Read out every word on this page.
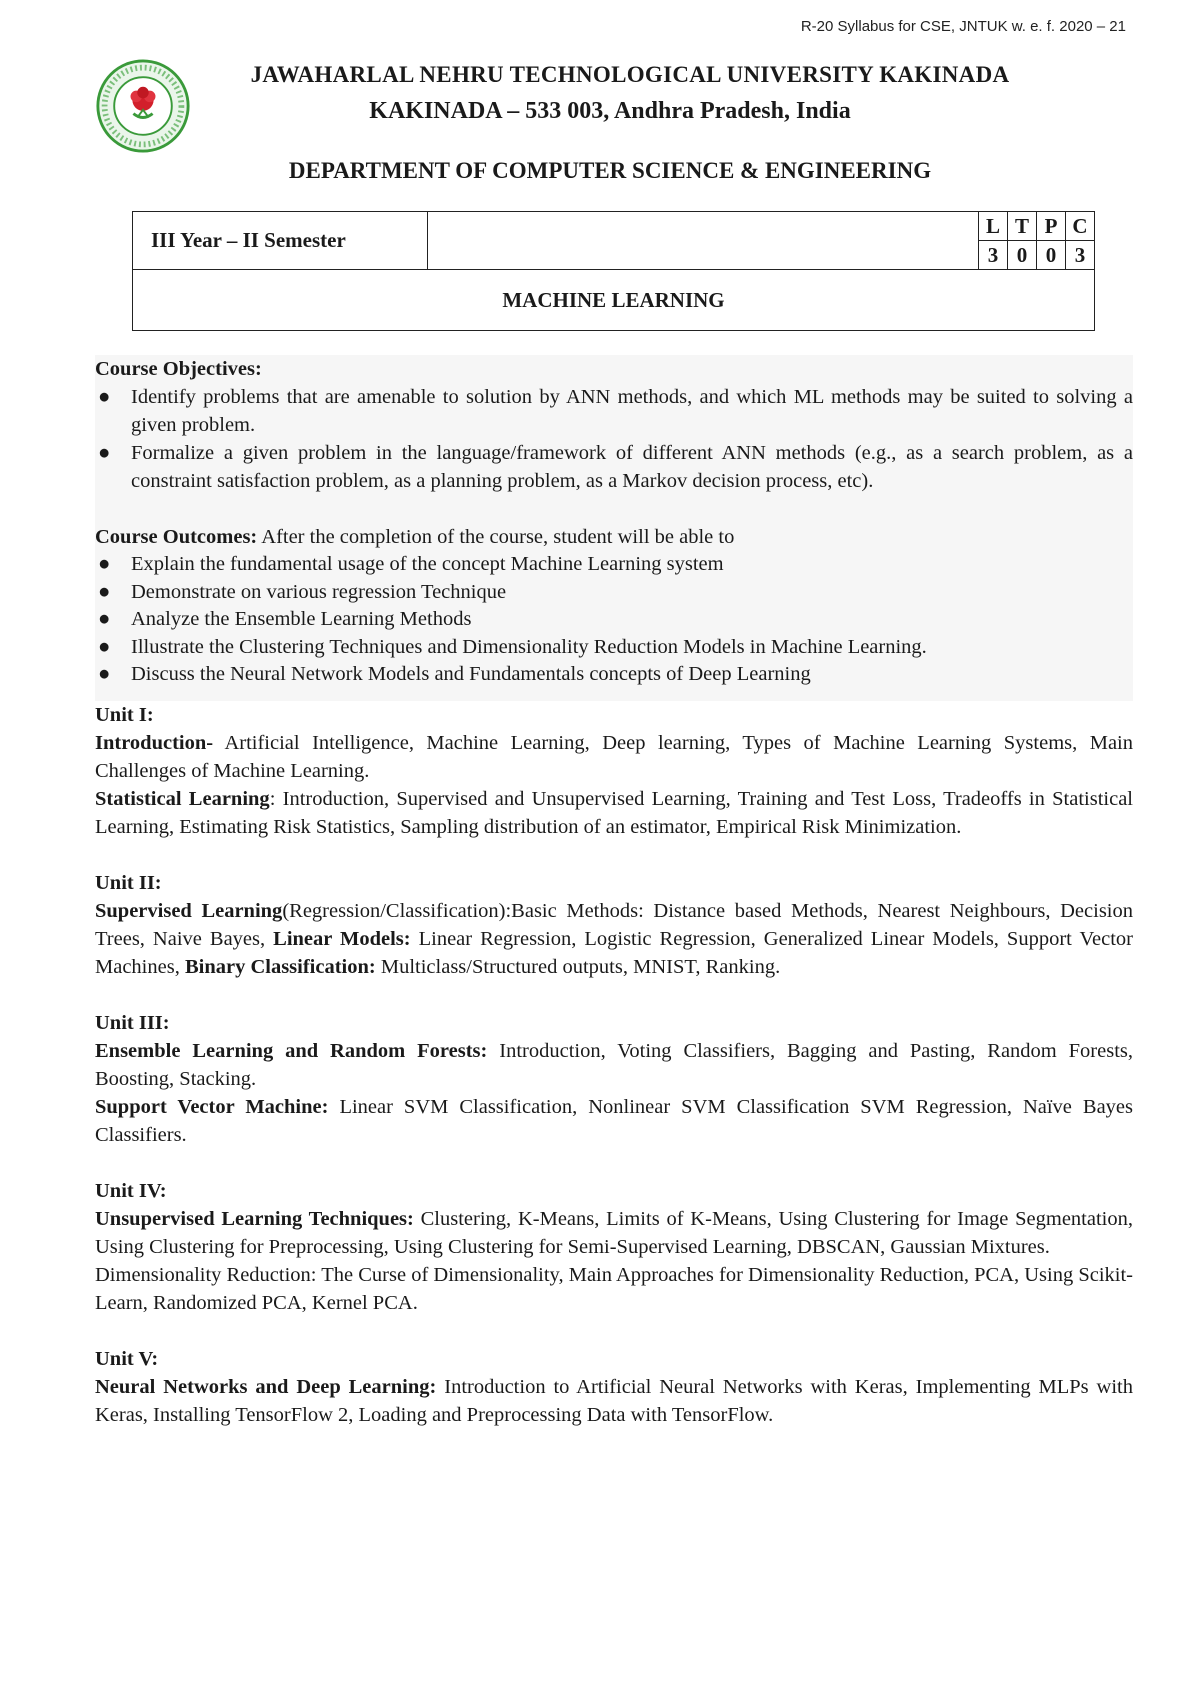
R-20 Syllabus for CSE, JNTUK w. e. f. 2020 – 21
JAWAHARLAL NEHRU TECHNOLOGICAL UNIVERSITY KAKINADA
KAKINADA – 533 003, Andhra Pradesh, India
DEPARTMENT OF COMPUTER SCIENCE & ENGINEERING
III Year – II Semester		L	T	P	C
		3	0	0	3
MACHINE LEARNING					
Course Objectives:
● Identify problems that are amenable to solution by ANN methods, and which ML methods may be suited to solving a given problem.
● Formalize a given problem in the language/framework of different ANN methods (e.g., as a search problem, as a constraint satisfaction problem, as a planning problem, as a Markov decision process, etc).
Course Outcomes: After the completion of the course, student will be able to
● Explain the fundamental usage of the concept Machine Learning system
● Demonstrate on various regression Technique
● Analyze the Ensemble Learning Methods
● Illustrate the Clustering Techniques and Dimensionality Reduction Models in Machine Learning.
● Discuss the Neural Network Models and Fundamentals concepts of Deep Learning
Unit I:

Introduction- Artificial Intelligence, Machine Learning, Deep learning, Types of Machine Learning Systems, Main Challenges of Machine Learning.

Statistical Learning: Introduction, Supervised and Unsupervised Learning, Training and Test Loss, Tradeoffs in Statistical Learning, Estimating Risk Statistics, Sampling distribution of an estimator, Empirical Risk Minimization.

Unit II:

Supervised Learning(Regression/Classification):Basic Methods: Distance based Methods, Nearest Neighbours, Decision Trees, Naive Bayes, Linear Models: Linear Regression, Logistic Regression, Generalized Linear Models, Support Vector Machines, Binary Classification: Multiclass/Structured outputs, MNIST, Ranking.

Unit III:

Ensemble Learning and Random Forests: Introduction, Voting Classifiers, Bagging and Pasting, Random Forests, Boosting, Stacking.

Support Vector Machine: Linear SVM Classification, Nonlinear SVM Classification SVM Regression, Naïve Bayes Classifiers.

Unit IV:

Unsupervised Learning Techniques: Clustering, K-Means, Limits of K-Means, Using Clustering for Image Segmentation, Using Clustering for Preprocessing, Using Clustering for Semi-Supervised Learning, DBSCAN, Gaussian Mixtures.

Dimensionality Reduction: The Curse of Dimensionality, Main Approaches for Dimensionality Reduction, PCA, Using Scikit-Learn, Randomized PCA, Kernel PCA.

Unit V:

Neural Networks and Deep Learning: Introduction to Artificial Neural Networks with Keras, Implementing MLPs with Keras, Installing TensorFlow 2, Loading and Preprocessing Data with TensorFlow.
